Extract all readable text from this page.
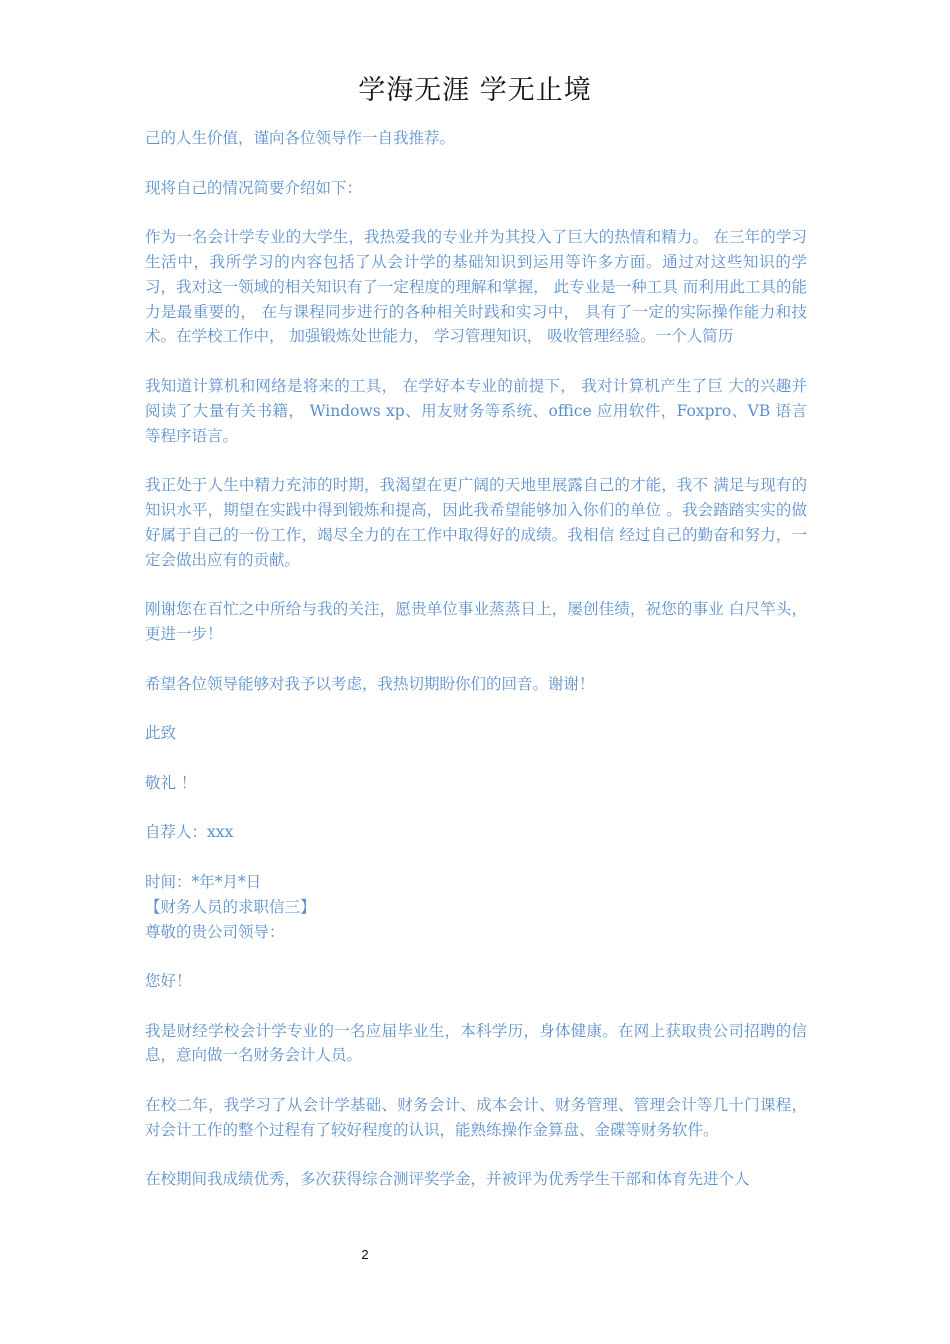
学海无涯 学无止境

己的人生价值，谨向各位领导作一自我推荐。

现将自己的情况简要介绍如下：

作为一名会计学专业的大学生，我热爱我的专业并为其投入了巨大的热情和精力。 在三年的学习生活中，我所学习的内容包括了从会计学的基础知识到运用等许多方面。通过对这些知识的学习，我对这一领域的相关知识有了一定程度的理解和掌握， 此专业是一种工具 而利用此工具的能力是最重要的， 在与课程同步进行的各种相关时践和实习中， 具有了一定的实际操作能力和技术。在学校工作中， 加强锻炼处世能力， 学习管理知识， 吸收管理经验。一个人简历

我知道计算机和网络是将来的工具， 在学好本专业的前提下， 我对计算机产生了巨 大的兴趣并阅读了大量有关书籍， Windows xp、用友财务等系统、office 应用软件，Foxpro、VB 语言等程序语言。

我正处于人生中精力充沛的时期，我渴望在更广阔的天地里展露自己的才能，我不 满足与现有的知识水平，期望在实践中得到锻炼和提高，因此我希望能够加入你们的单位 。我会踏踏实实的做好属于自己的一份工作，竭尽全力的在工作中取得好的成绩。我相信 经过自己的勤奋和努力，一定会做出应有的贡献。

刚谢您在百忙之中所给与我的关注，愿贵单位事业蒸蒸日上，屡创佳绩，祝您的事业 白尺竿头，更进一步！

希望各位领导能够对我予以考虑，我热切期盼你们的回音。谢谢！

此致

敬礼 ！

自荐人：xxx

时间：*年*月*日

【财务人员的求职信三】

尊敬的贵公司领导：

您好！

我是财经学校会计学专业的一名应届毕业生，本科学历，身体健康。在网上获取贵公司招聘的信息，意向做一名财务会计人员。

在校二年，我学习了从会计学基础、财务会计、成本会计、财务管理、管理会计等几十门课程，对会计工作的整个过程有了较好程度的认识，能熟练操作金算盘、金碟等财务软件。

在校期间我成绩优秀，多次获得综合测评奖学金，并被评为优秀学生干部和体育先进个人

2
